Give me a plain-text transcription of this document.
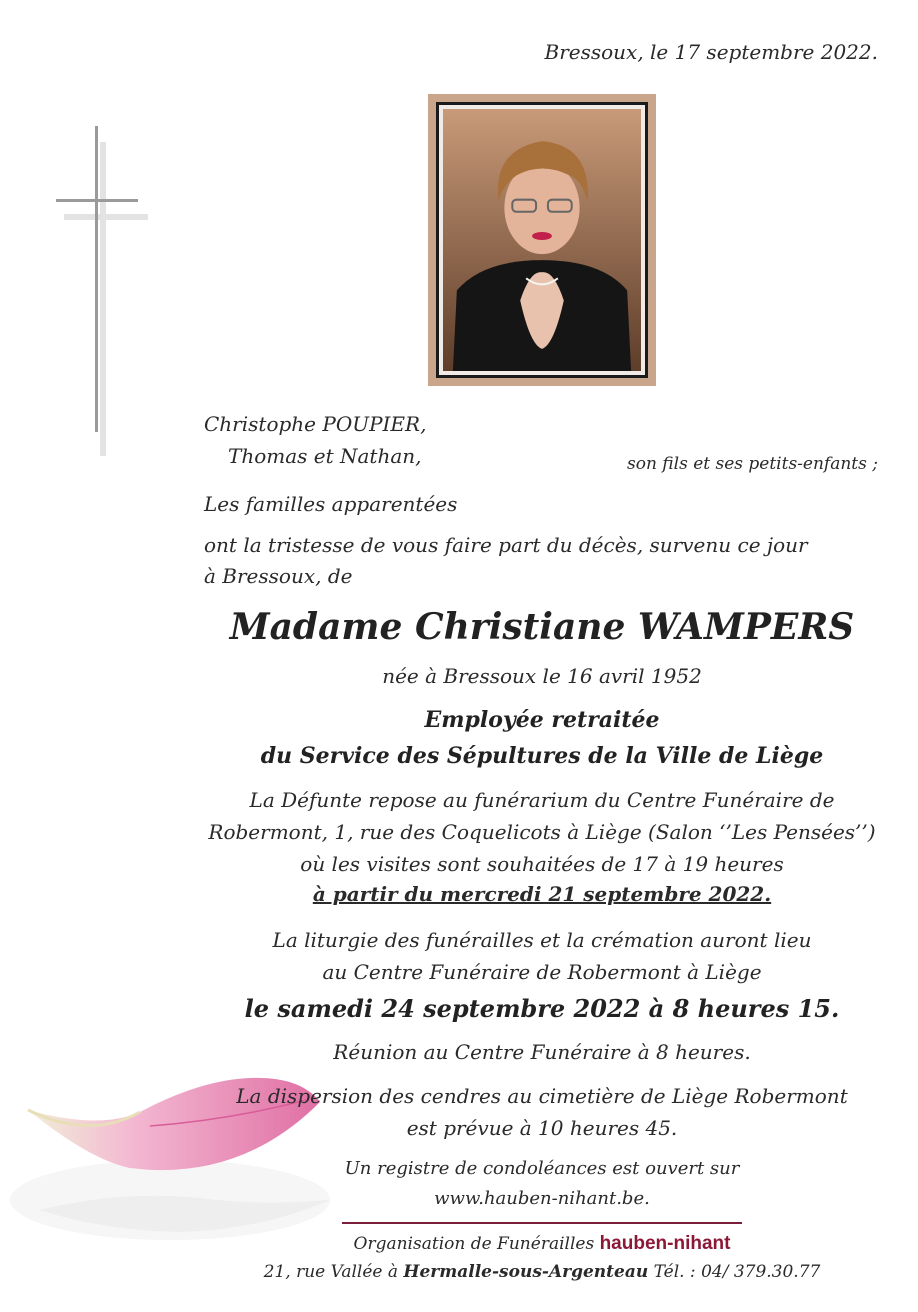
Bressoux, le 17 septembre 2022.
Christophe POUPIER,
Thomas et Nathan,	son fils et ses petits-enfants ;
Les familles apparentées
ont la tristesse de vous faire part du décès, survenu ce jour
à Bressoux, de
Madame Christiane WAMPERS
née à Bressoux le 16 avril 1952
Employée retraitée
du Service des Sépultures de la Ville de Liège
La Défunte repose au funérarium du Centre Funéraire de
Robermont, 1, rue des Coquelicots à Liège (Salon ‘’Les Pensées’’)
où les visites sont souhaitées de 17 à 19 heures
à partir du mercredi 21 septembre 2022.
La liturgie des funérailles et la crémation auront lieu
au Centre Funéraire de Robermont à Liège
le samedi 24 septembre 2022 à 8 heures 15.
Réunion au Centre Funéraire à 8 heures.
La dispersion des cendres au cimetière de Liège Robermont
est prévue à 10 heures 45.
Un registre de condoléances est ouvert sur
www.hauben-nihant.be.
Organisation de Funérailles hauben-nihant
21, rue Vallée à Hermalle-sous-Argenteau Tél. : 04/ 379.30.77
